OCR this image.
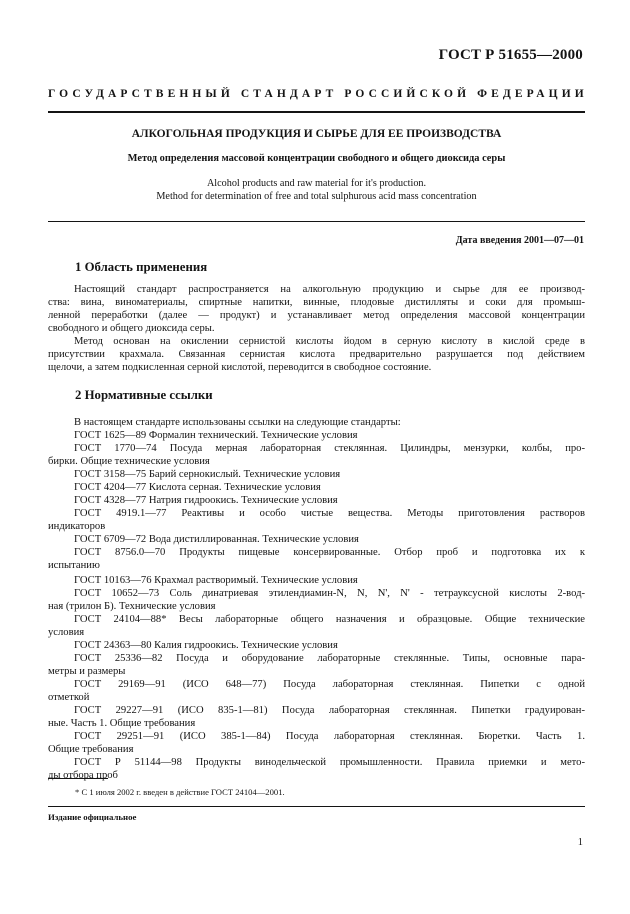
ГОСТ Р 51655—2000
ГОСУДАРСТВЕННЫЙ СТАНДАРТ РОССИЙСКОЙ ФЕДЕРАЦИИ
АЛКОГОЛЬНАЯ ПРОДУКЦИЯ И СЫРЬЕ ДЛЯ ЕЕ ПРОИЗВОДСТВА
Метод определения массовой концентрации свободного и общего диоксида серы
Alcohol products and raw material for it's production.
Method for determination of free and total sulphurous acid mass concentration
Дата введения 2001—07—01
1 Область применения
Настоящий стандарт распространяется на алкогольную продукцию и сырье для ее производ-
ства: вина, виноматериалы, спиртные напитки, винные, плодовые дистилляты и соки для промыш-
ленной переработки (далее — продукт) и устанавливает метод определения массовой концентрации
свободного и общего диоксида серы.
Метод основан на окислении сернистой кислоты йодом в серную кислоту в кислой среде в
присутствии крахмала. Связанная сернистая кислота предварительно разрушается под действием
щелочи, а затем подкисленная серной кислотой, переводится в свободное состояние.
2 Нормативные ссылки
В настоящем стандарте использованы ссылки на следующие стандарты:
ГОСТ 1625—89 Формалин технический. Технические условия
ГОСТ 1770—74 Посуда мерная лабораторная стеклянная. Цилиндры, мензурки, колбы, про-
бирки. Общие технические условия
ГОСТ 3158—75 Барий сернокислый. Технические условия
ГОСТ 4204—77 Кислота серная. Технические условия
ГОСТ 4328—77 Натрия гидроокись. Технические условия
ГОСТ 4919.1—77 Реактивы и особо чистые вещества. Методы приготовления растворов
индикаторов
ГОСТ 6709—72 Вода дистиллированная. Технические условия
ГОСТ 8756.0—70 Продукты пищевые консервированные. Отбор проб и подготовка их к
испытанию
ГОСТ 10163—76 Крахмал растворимый. Технические условия
ГОСТ 10652—73 Соль динатриевая этилендиамин-N, N, N', N' - тетрауксусной кислоты 2-вод-
ная (трилон Б). Технические условия
ГОСТ 24104—88* Весы лабораторные общего назначения и образцовые. Общие технические
условия
ГОСТ 24363—80 Калия гидроокись. Технические условия
ГОСТ 25336—82 Посуда и оборудование лабораторные стеклянные. Типы, основные пара-
метры и размеры
ГОСТ 29169—91 (ИСО 648—77) Посуда лабораторная стеклянная. Пипетки с одной
отметкой
ГОСТ 29227—91 (ИСО 835-1—81) Посуда лабораторная стеклянная. Пипетки градуирован-
ные. Часть 1. Общие требования
ГОСТ 29251—91 (ИСО 385-1—84) Посуда лабораторная стеклянная. Бюретки. Часть 1.
Общие требования
ГОСТ Р 51144—98 Продукты винодельческой промышленности. Правила приемки и мето-
ды отбора проб
* С 1 июля 2002 г. введен в действие ГОСТ 24104—2001.
Издание официальное
1
